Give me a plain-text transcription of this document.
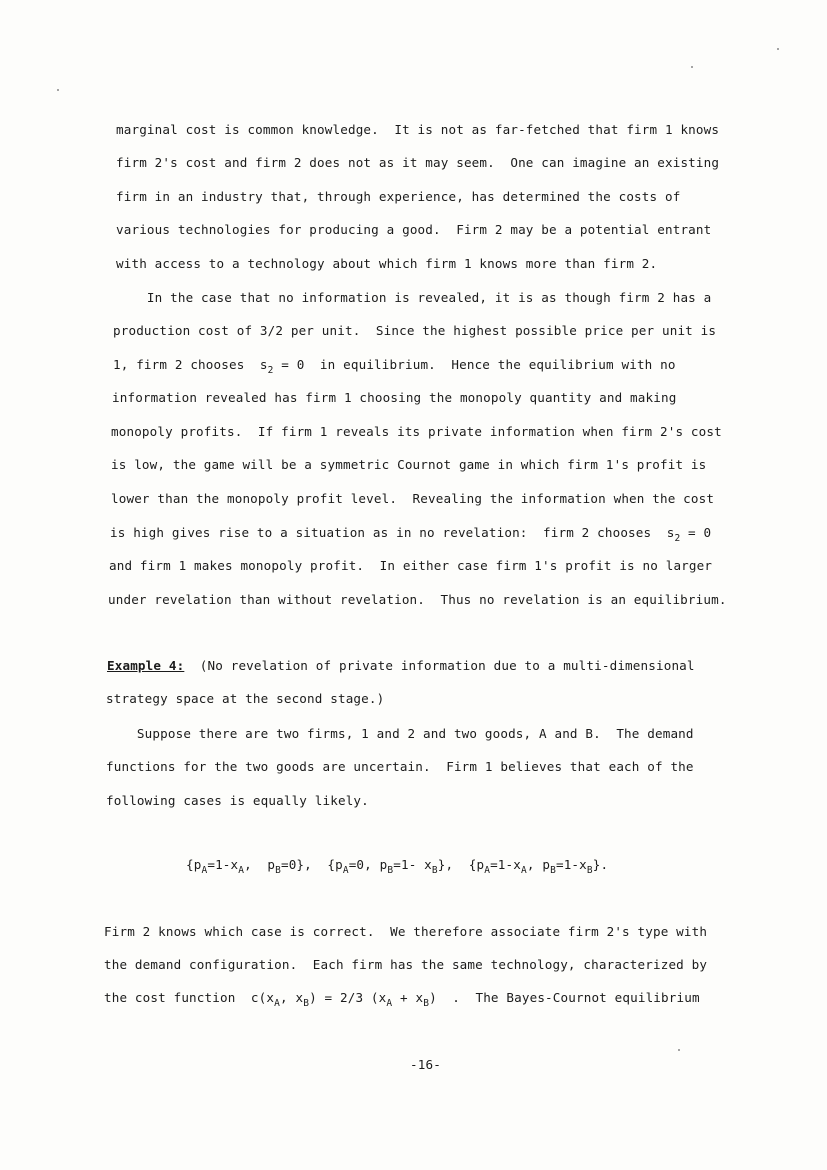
marginal cost is common knowledge.  It is not as far-fetched that firm 1 knows
firm 2's cost and firm 2 does not as it may seem.  One can imagine an existing
firm in an industry that, through experience, has determined the costs of
various technologies for producing a good.  Firm 2 may be a potential entrant
with access to a technology about which firm 1 knows more than firm 2.
In the case that no information is revealed, it is as though firm 2 has a
production cost of 3/2 per unit.  Since the highest possible price per unit is
1, firm 2 chooses  $s_2 = 0$  in equilibrium.  Hence the equilibrium with no
information revealed has firm 1 choosing the monopoly quantity and making
monopoly profits.  If firm 1 reveals its private information when firm 2's cost
is low, the game will be a symmetric Cournot game in which firm 1's profit is
lower than the monopoly profit level.  Revealing the information when the cost
is high gives rise to a situation as in no revelation:  firm 2 chooses  $s_2 = 0$
and firm 1 makes monopoly profit.  In either case firm 1's profit is no larger
under revelation than without revelation.  Thus no revelation is an equilibrium.
Example 4:  (No revelation of private information due to a multi-dimensional
strategy space at the second stage.)
Suppose there are two firms, 1 and 2 and two goods, A and B.  The demand
functions for the two goods are uncertain.  Firm 1 believes that each of the
following cases is equally likely.
{$p_A=1-x_A$,  $p_B=0$},  {$p_A=0$, $p_B=1-$ $x_B$},  {$p_A=1-x_A$, $p_B=1-x_B$}.
Firm 2 knows which case is correct.  We therefore associate firm 2's type with
the demand configuration.  Each firm has the same technology, characterized by
the cost function  $c(x_A$, $x_B) = 2/3$ $(x_A + x_B)$  .  The Bayes-Cournot equilibrium
-16-
